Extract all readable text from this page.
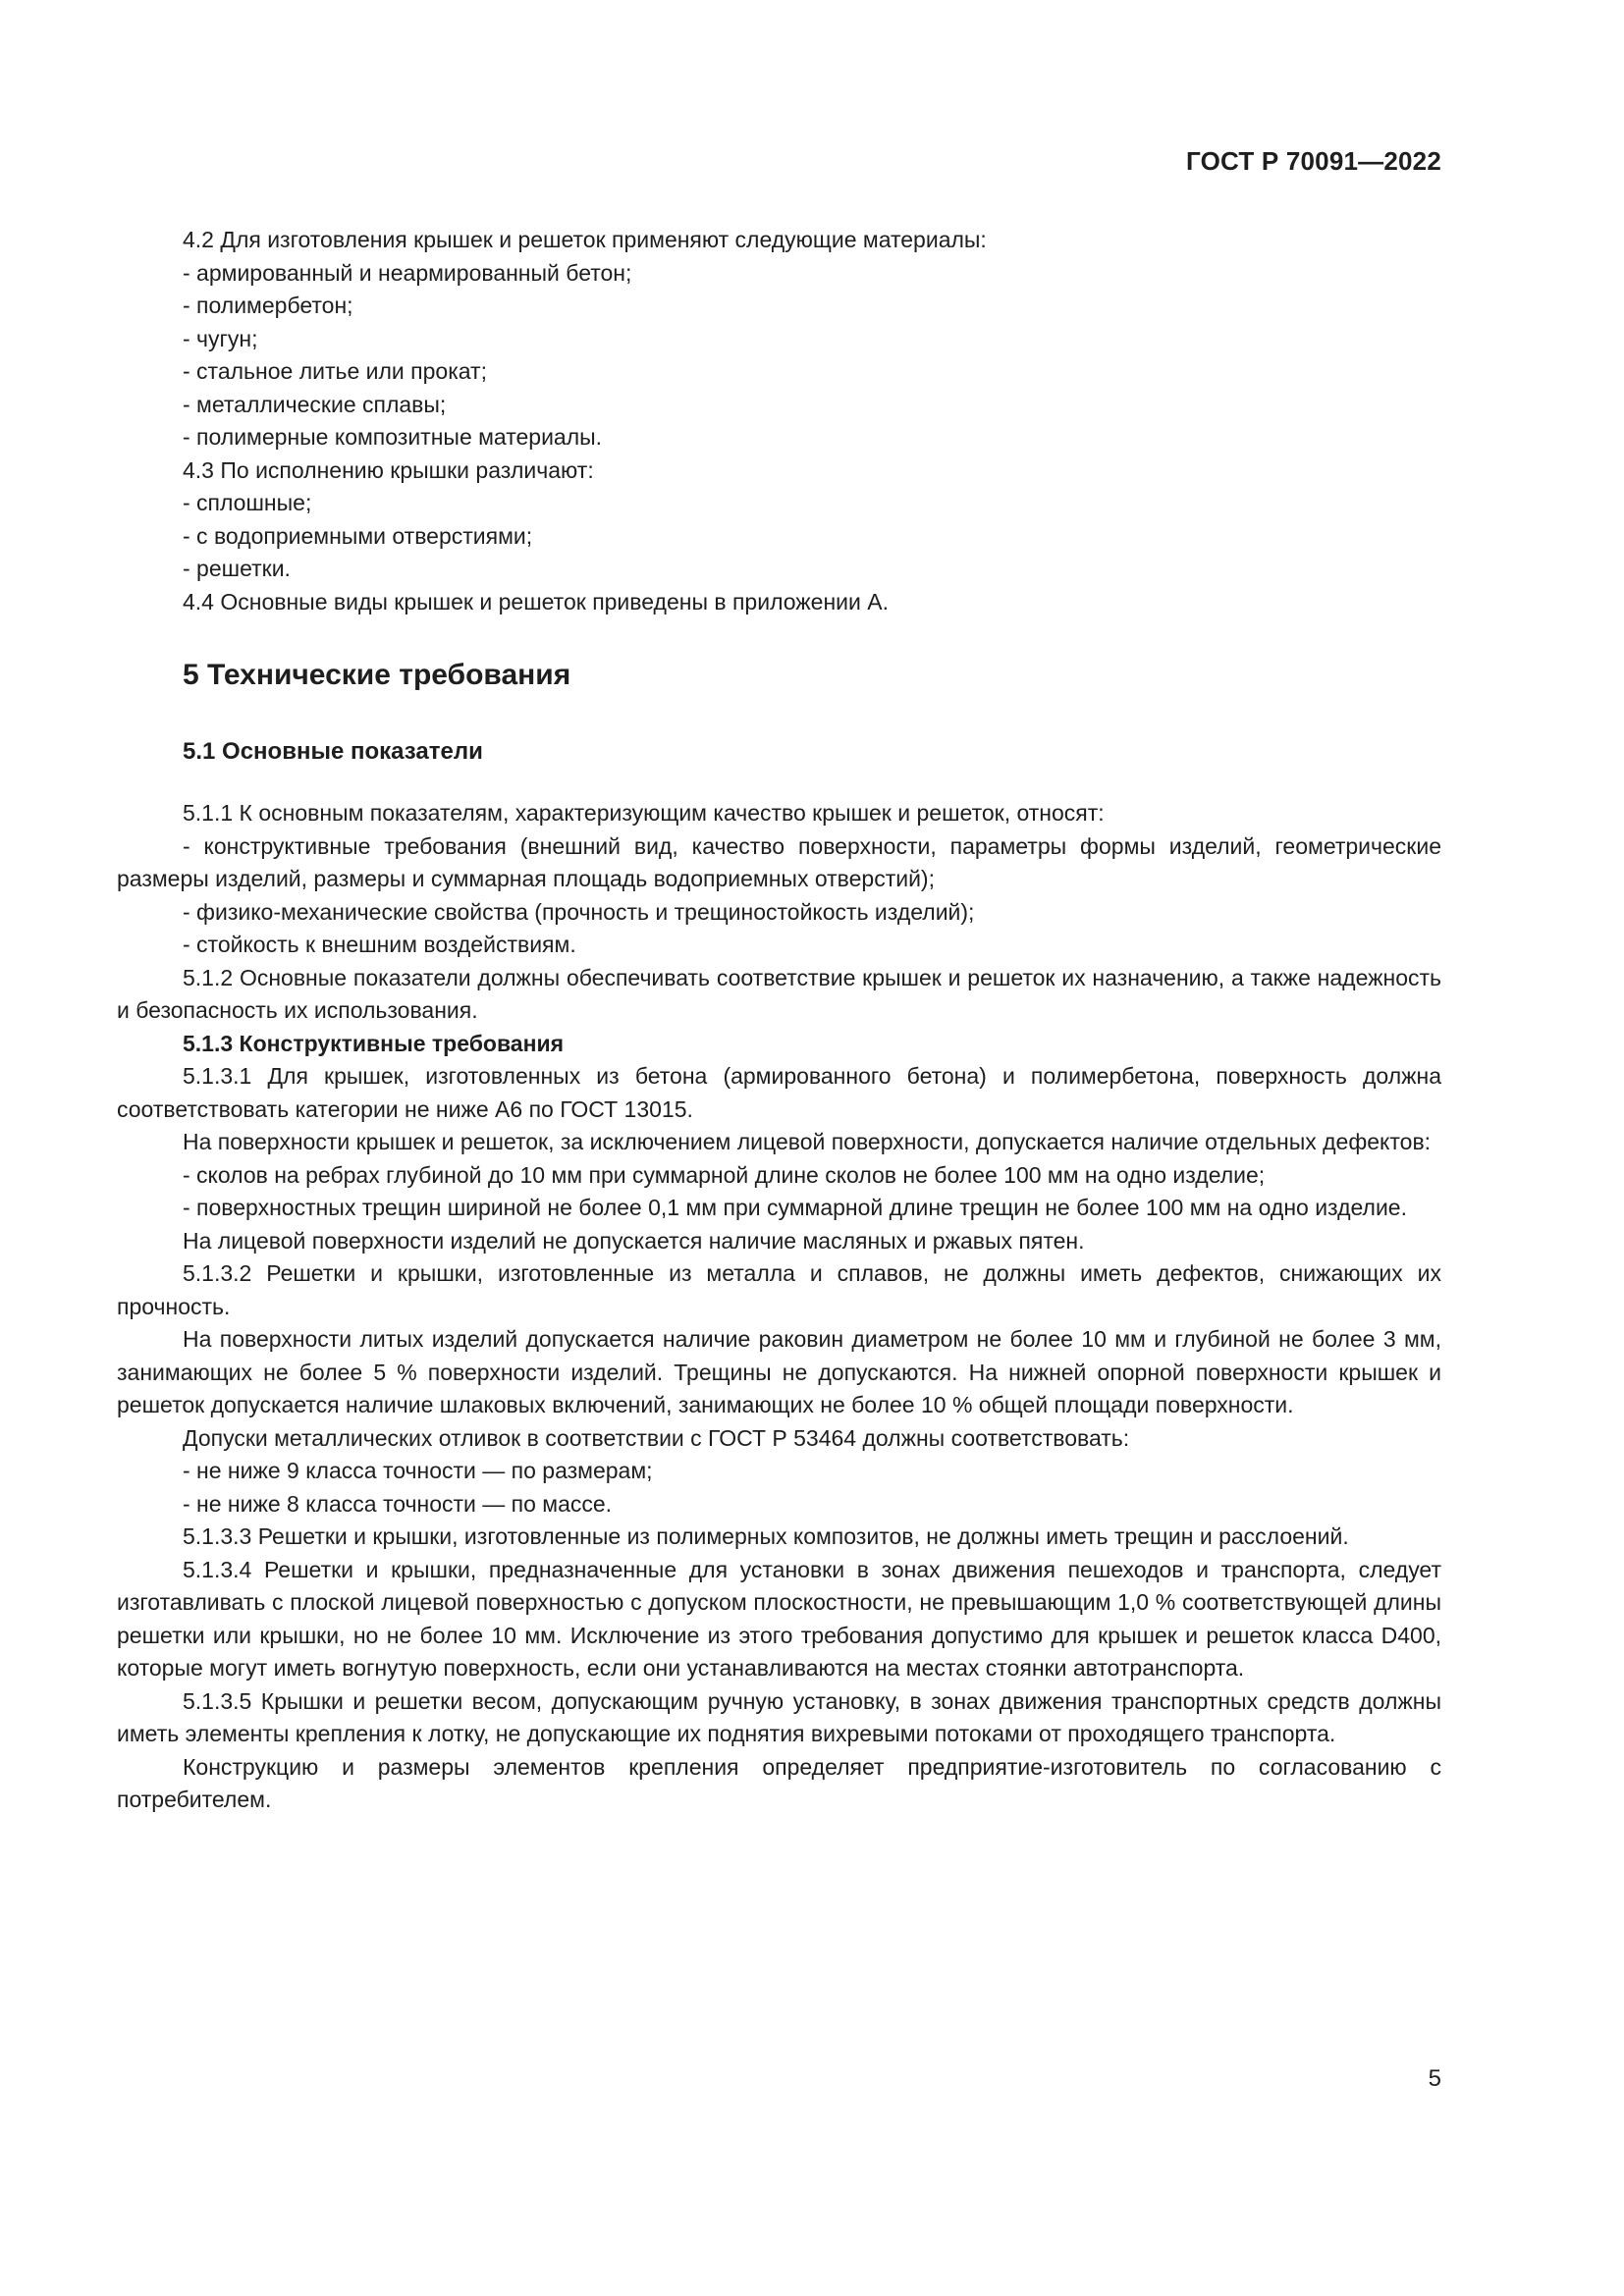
ГОСТ Р 70091—2022

4.2 Для изготовления крышек и решеток применяют следующие материалы:

- армированный и неармированный бетон;

- полимербетон;

- чугун;

- стальное литье или прокат;

- металлические сплавы;

- полимерные композитные материалы.

4.3 По исполнению крышки различают:

- сплошные;

- с водоприемными отверстиями;

- решетки.

4.4 Основные виды крышек и решеток приведены в приложении А.

5 Технические требования
5.1 Основные показатели

5.1.1 К основным показателям, характеризующим качество крышек и решеток, относят:

- конструктивные требования (внешний вид, качество поверхности, параметры формы изделий, геометрические размеры изделий, размеры и суммарная площадь водоприемных отверстий);

- физико-механические свойства (прочность и трещиностойкость изделий);

- стойкость к внешним воздействиям.

5.1.2 Основные показатели должны обеспечивать соответствие крышек и решеток их назначению, а также надежность и безопасность их использования.

5.1.3 Конструктивные требования

5.1.3.1 Для крышек, изготовленных из бетона (армированного бетона) и полимербетона, поверхность должна соответствовать категории не ниже А6 по ГОСТ 13015.

На поверхности крышек и решеток, за исключением лицевой поверхности, допускается наличие отдельных дефектов:

- сколов на ребрах глубиной до 10 мм при суммарной длине сколов не более 100 мм на одно изделие;

- поверхностных трещин шириной не более 0,1 мм при суммарной длине трещин не более 100 мм на одно изделие.

На лицевой поверхности изделий не допускается наличие масляных и ржавых пятен.

5.1.3.2 Решетки и крышки, изготовленные из металла и сплавов, не должны иметь дефектов, снижающих их прочность.

На поверхности литых изделий допускается наличие раковин диаметром не более 10 мм и глубиной не более 3 мм, занимающих не более 5 % поверхности изделий. Трещины не допускаются. На нижней опорной поверхности крышек и решеток допускается наличие шлаковых включений, занимающих не более 10 % общей площади поверхности.

Допуски металлических отливок в соответствии с ГОСТ Р 53464 должны соответствовать:

- не ниже 9 класса точности — по размерам;

- не ниже 8 класса точности — по массе.

5.1.3.3 Решетки и крышки, изготовленные из полимерных композитов, не должны иметь трещин и расслоений.

5.1.3.4 Решетки и крышки, предназначенные для установки в зонах движения пешеходов и транспорта, следует изготавливать с плоской лицевой поверхностью с допуском плоскостности, не превышающим 1,0 % соответствующей длины решетки или крышки, но не более 10 мм. Исключение из этого требования допустимо для крышек и решеток класса D400, которые могут иметь вогнутую поверхность, если они устанавливаются на местах стоянки автотранспорта.

5.1.3.5 Крышки и решетки весом, допускающим ручную установку, в зонах движения транспортных средств должны иметь элементы крепления к лотку, не допускающие их поднятия вихревыми потоками от проходящего транспорта.

Конструкцию и размеры элементов крепления определяет предприятие-изготовитель по согласованию с потребителем.

5
